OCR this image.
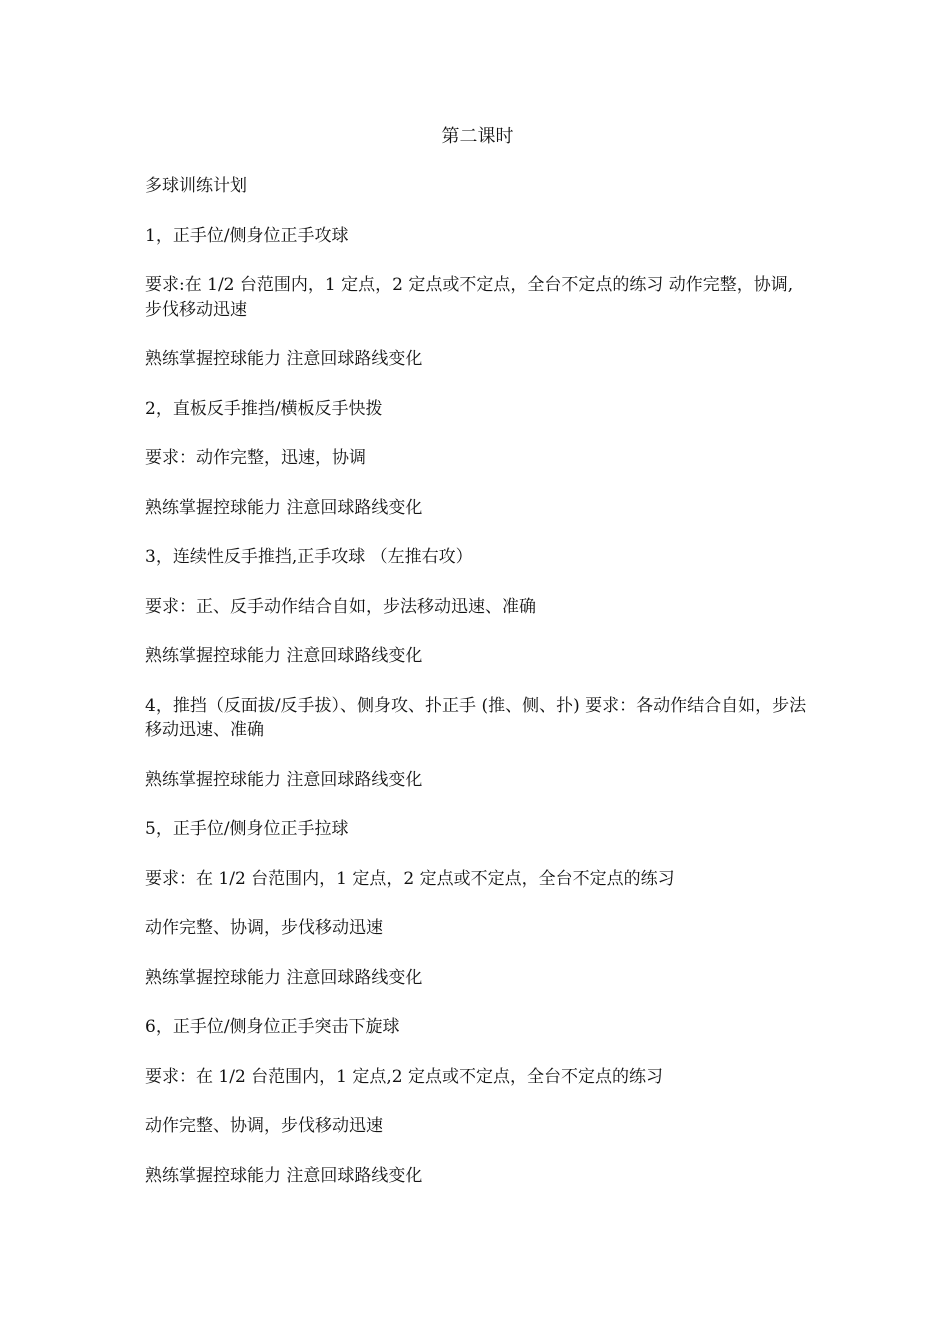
第二课时

多球训练计划

1，正手位/侧身位正手攻球

要求:在 1/2 台范围内，1 定点，2 定点或不定点，全台不定点的练习 动作完整，协调,步伐移动迅速

熟练掌握控球能力 注意回球路线变化

2，直板反手推挡/横板反手快拨

要求：动作完整，迅速，协调

熟练掌握控球能力 注意回球路线变化

3，连续性反手推挡,正手攻球 （左推右攻）

要求：正、反手动作结合自如，步法移动迅速、准确

熟练掌握控球能力 注意回球路线变化

4，推挡（反面拔/反手拔）、侧身攻、扑正手 (推、侧、扑) 要求：各动作结合自如，步法移动迅速、准确

熟练掌握控球能力 注意回球路线变化

5，正手位/侧身位正手拉球

要求：在 1/2 台范围内，1 定点，2 定点或不定点，全台不定点的练习

动作完整、协调，步伐移动迅速

熟练掌握控球能力 注意回球路线变化

6，正手位/侧身位正手突击下旋球

要求：在 1/2 台范围内，1 定点,2 定点或不定点，全台不定点的练习

动作完整、协调，步伐移动迅速

熟练掌握控球能力 注意回球路线变化
